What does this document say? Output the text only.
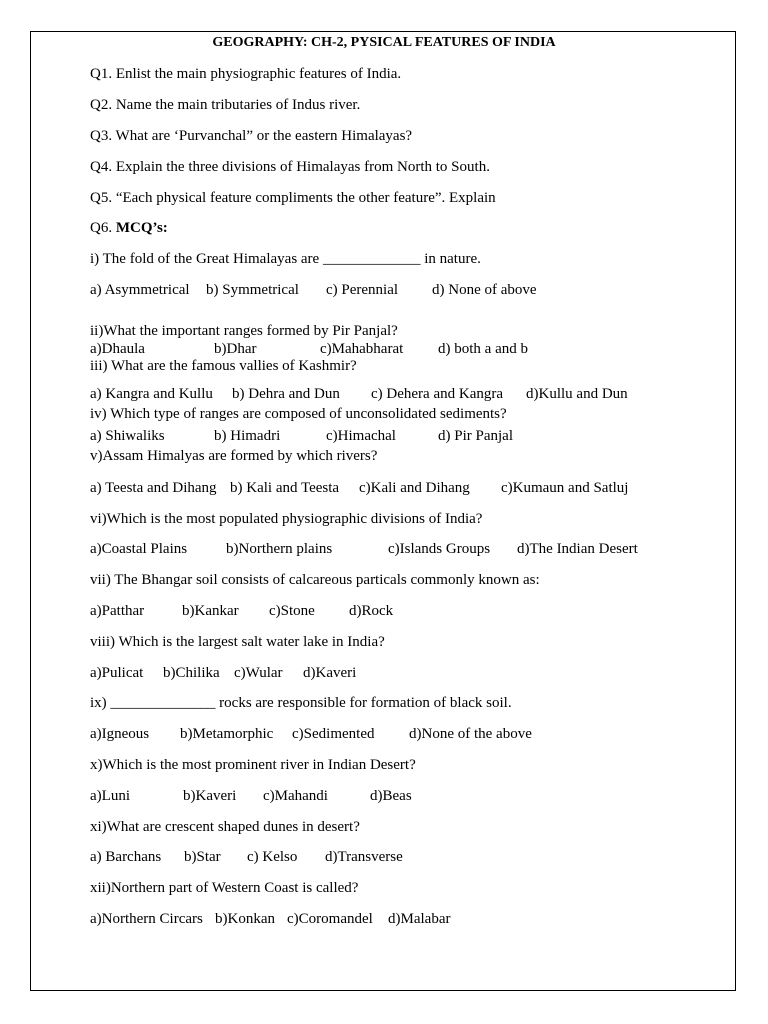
GEOGRAPHY: CH-2, PYSICAL FEATURES OF INDIA
Q1. Enlist the main physiographic features of India.
Q2. Name the main tributaries of Indus river.
Q3. What are ‘Purvanchal” or the eastern Himalayas?
Q4. Explain the three divisions of Himalayas from North to South.
Q5. “Each physical feature compliments the other feature”. Explain
Q6. MCQ’s:
i) The fold of the Great Himalayas are _____________ in nature.
a) Asymmetrical b) Symmetrical c) Perennial d) None of above
ii)What the important ranges formed by Pir Panjal?
a)Dhaula	b)Dhar	c)Mahabharat d) both a and b
iii) What are the famous vallies of Kashmir?
a) Kangra and Kullu b) Dehra and Dun c) Dehera and Kangra d)Kullu and Dun
iv) Which type of ranges are composed of unconsolidated sediments?
a) Shiwaliks	b) Himadri	c)Himachal	d) Pir Panjal
v)Assam Himalyas are formed by which rivers?
a) Teesta and Dihang b) Kali and Teesta c)Kali and Dihang c)Kumaun and Satluj
vi)Which is the most populated physiographic divisions of India?
a)Coastal Plains	b)Northern plains	c)Islands Groups d)The Indian Desert
vii) The Bhangar soil consists of calcareous particals commonly known as:
a)Patthar	b)Kankar c)Stone d)Rock
viii) Which is the largest salt water lake in India?
a)Pulicat b)Chilika c)Wular d)Kaveri
ix) ______________ rocks are responsible for formation of black soil.
a)Igneous b)Metamorphic c)Sedimented d)None of the above
x)Which is the most prominent river in Indian Desert?
a)Luni	b)Kaveri c)Mahandi	d)Beas
xi)What are crescent shaped dunes in desert?
a) Barchans b)Star c) Kelso d)Transverse
xii)Northern part of Western Coast is called?
a)Northern Circars b)Konkan c)Coromandel d)Malabar
